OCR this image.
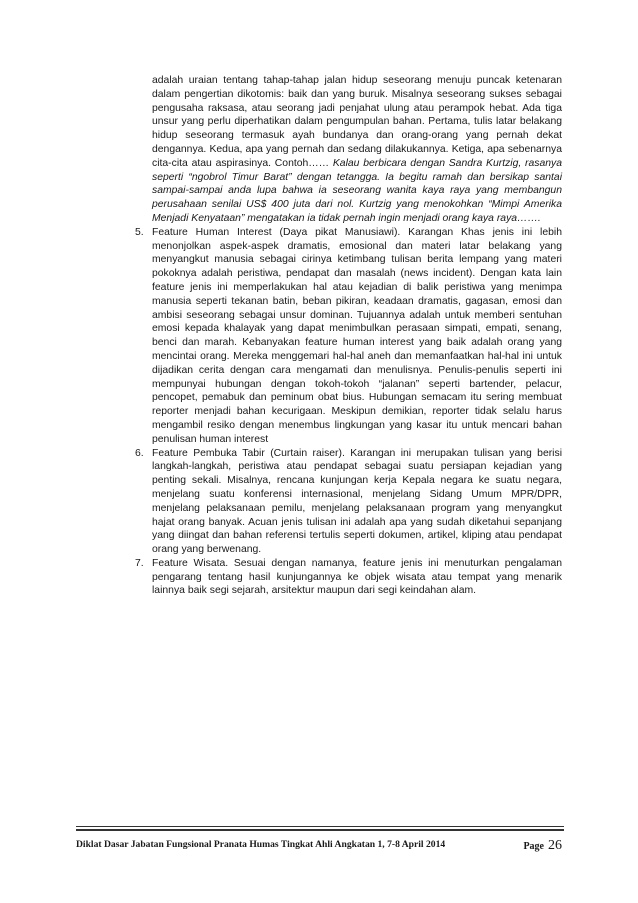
adalah uraian tentang tahap-tahap jalan hidup seseorang menuju puncak ketenaran dalam pengertian dikotomis: baik dan yang buruk. Misalnya seseorang sukses sebagai pengusaha raksasa, atau seorang jadi penjahat ulung atau perampok hebat. Ada tiga unsur yang perlu diperhatikan dalam pengumpulan bahan. Pertama, tulis latar belakang hidup seseorang termasuk ayah bundanya dan orang-orang yang pernah dekat dengannya. Kedua, apa yang pernah dan sedang dilakukannya. Ketiga, apa sebenarnya cita-cita atau aspirasinya. Contoh…… Kalau berbicara dengan Sandra Kurtzig, rasanya seperti “ngobrol Timur Barat” dengan tetangga. Ia begitu ramah dan bersikap santai sampai-sampai anda lupa bahwa ia seseorang wanita kaya raya yang membangun perusahaan senilai US$ 400 juta dari nol. Kurtzig yang menokohkan “Mimpi Amerika Menjadi Kenyataan” mengatakan ia tidak pernah ingin menjadi orang kaya raya…….

5. Feature Human Interest (Daya pikat Manusiawi). Karangan Khas jenis ini lebih menonjolkan aspek-aspek dramatis, emosional dan materi latar belakang yang menyangkut manusia sebagai cirinya ketimbang tulisan berita lempang yang materi pokoknya adalah peristiwa, pendapat dan masalah (news incident). Dengan kata lain feature jenis ini memperlakukan hal atau kejadian di balik peristiwa yang menimpa manusia seperti tekanan batin, beban pikiran, keadaan dramatis, gagasan, emosi dan ambisi seseorang sebagai unsur dominan. Tujuannya adalah untuk memberi sentuhan emosi kepada khalayak yang dapat menimbulkan perasaan simpati, empati, senang, benci dan marah. Kebanyakan feature human interest yang baik adalah orang yang mencintai orang. Mereka menggemari hal-hal aneh dan memanfaatkan hal-hal ini untuk dijadikan cerita dengan cara mengamati dan menulisnya. Penulis-penulis seperti ini mempunyai hubungan dengan tokoh-tokoh “jalanan” seperti bartender, pelacur, pencopet, pemabuk dan peminum obat bius. Hubungan semacam itu sering membuat reporter menjadi bahan kecurigaan. Meskipun demikian, reporter tidak selalu harus mengambil resiko dengan menembus lingkungan yang kasar itu untuk mencari bahan penulisan human interest

6. Feature Pembuka Tabir (Curtain raiser). Karangan ini merupakan tulisan yang berisi langkah-langkah, peristiwa atau pendapat sebagai suatu persiapan kejadian yang penting sekali. Misalnya, rencana kunjungan kerja Kepala negara ke suatu negara, menjelang suatu konferensi internasional, menjelang Sidang Umum MPR/DPR, menjelang pelaksanaan pemilu, menjelang pelaksanaan program yang menyangkut hajat orang banyak. Acuan jenis tulisan ini adalah apa yang sudah diketahui sepanjang yang diingat dan bahan referensi tertulis seperti dokumen, artikel, kliping atau pendapat orang yang berwenang.

7. Feature Wisata. Sesuai dengan namanya, feature jenis ini menuturkan pengalaman pengarang tentang hasil kunjungannya ke objek wisata atau tempat yang menarik lainnya baik segi sejarah, arsitektur maupun dari segi keindahan alam.

Diklat Dasar Jabatan Fungsional Pranata Humas Tingkat Ahli Angkatan 1, 7-8 April 2014	Page 26
